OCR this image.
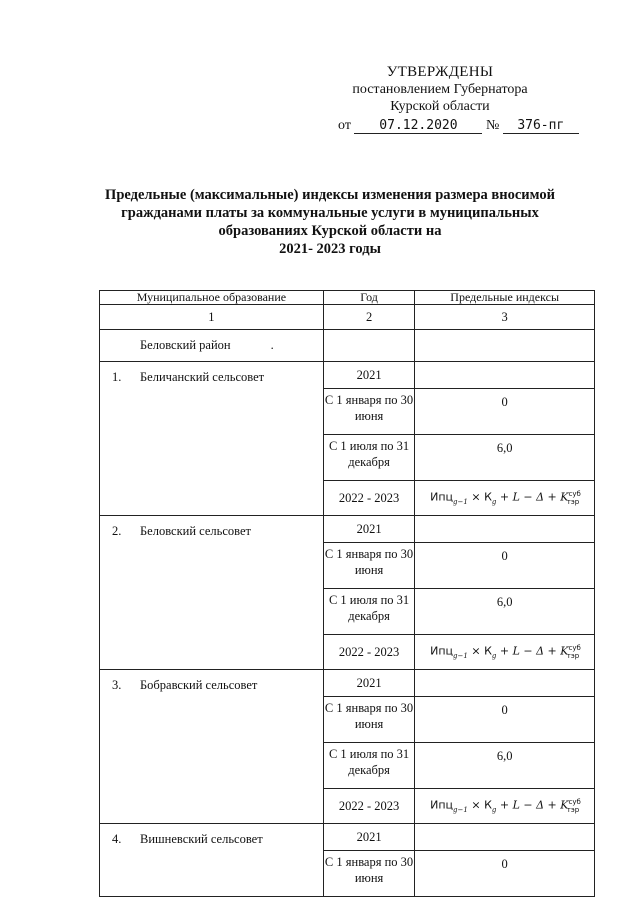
УТВЕРЖДЕНЫ
постановлением Губернатора
Курской области
от 07.12.2020 № 376-пг
Предельные (максимальные) индексы изменения размера вносимой
гражданами платы за коммунальные услуги в муниципальных
образованиях Курской области на
2021- 2023 годы
Муниципальное образование	Год	Предельные индексы
1	2	3
Беловский район .		
1. Беличанский сельсовет	2021	
	С 1 января по 30 июня	0
	С 1 июля по 31 декабря	6,0
	2022 - 2023	$Ипц_{g-1} \times К_g + L - \Delta + K^{суб}_{тэр}$
2. Беловский сельсовет	2021	
	С 1 января по 30 июня	0
	С 1 июля по 31 декабря	6,0
	2022 - 2023	$Ипц_{g-1} \times К_g + L - \Delta + K^{суб}_{тэр}$
3. Бобравский сельсовет	2021	
	С 1 января по 30 июня	0
	С 1 июля по 31 декабря	6,0
	2022 - 2023	$Ипц_{g-1} \times К_g + L - \Delta + K^{суб}_{тэр}$
4. Вишневский сельсовет	2021	
	С 1 января по 30 июня	0
